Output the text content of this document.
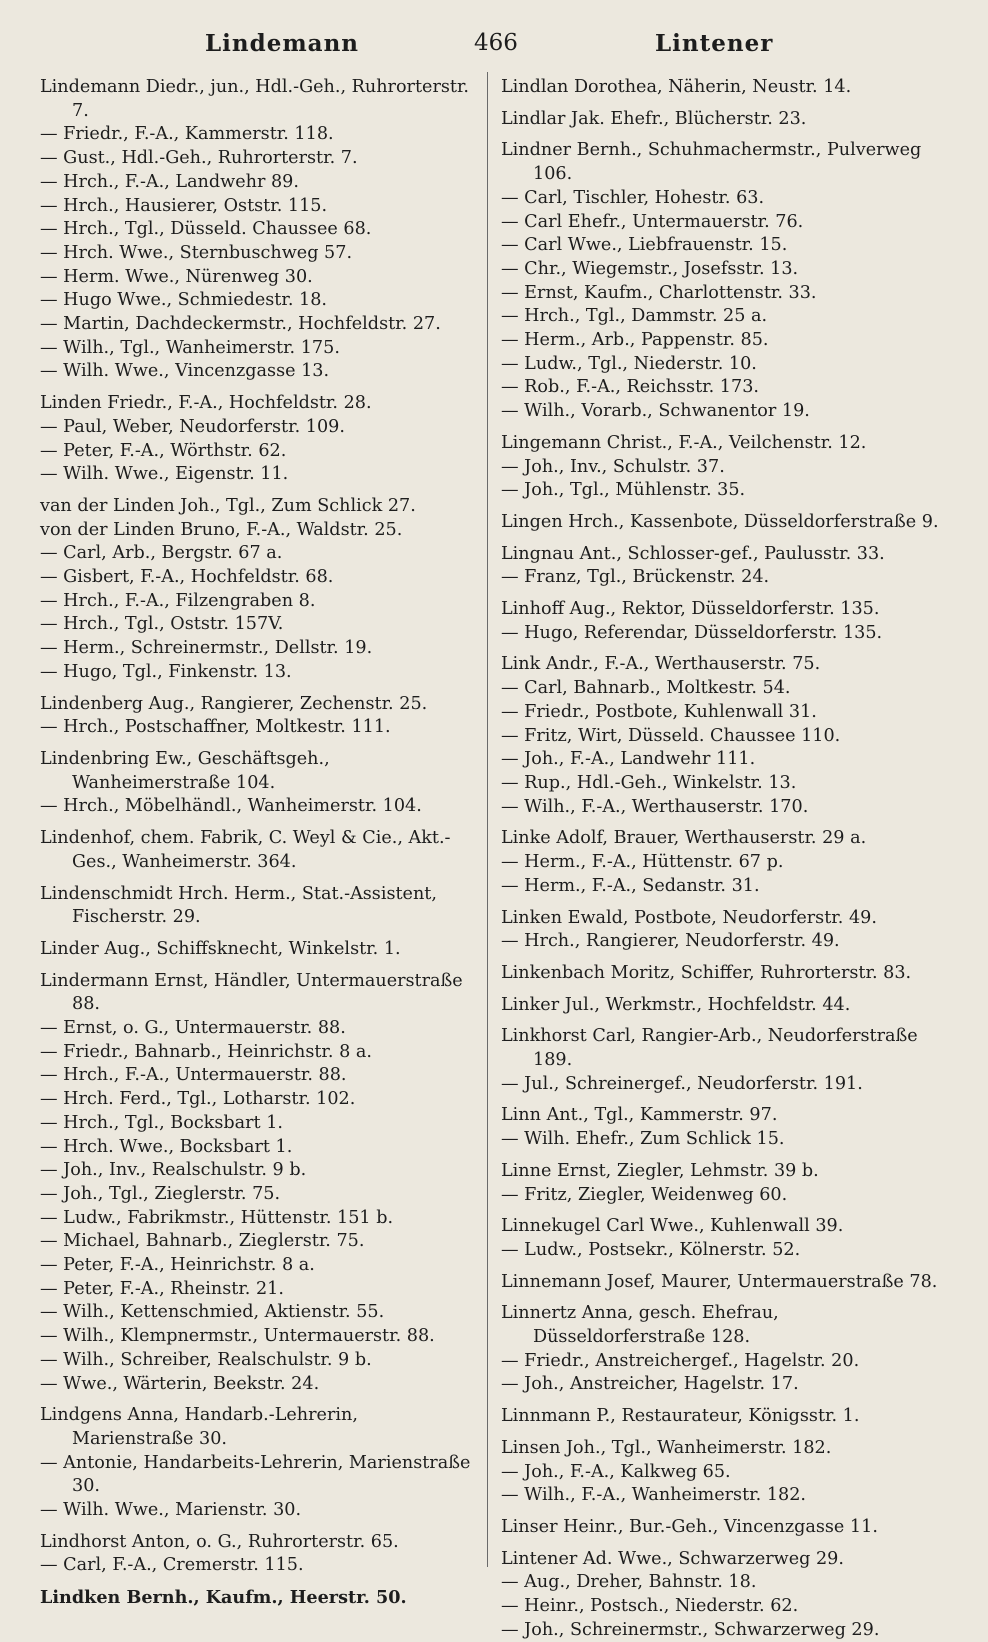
Lindemann	466	Lintener
Lindemann Diedr., jun., Hdl.-Geh., Ruhrorterstr. 7.
— Friedr., F.-A., Kammerstr. 118.
— Gust., Hdl.-Geh., Ruhrorterstr. 7.
— Hrch., F.-A., Landwehr 89.
— Hrch., Hausierer, Oststr. 115.
— Hrch., Tgl., Düsseld. Chaussee 68.
— Hrch. Wwe., Sternbuschweg 57.
— Herm. Wwe., Nürenweg 30.
— Hugo Wwe., Schmiedestr. 18.
— Martin, Dachdeckermstr., Hochfeldstr. 27.
— Wilh., Tgl., Wanheimerstr. 175.
— Wilh. Wwe., Vincenzgasse 13.
Linden Friedr., F.-A., Hochfeldstr. 28.
— Paul, Weber, Neudorferstr. 109.
— Peter, F.-A., Wörthstr. 62.
— Wilh. Wwe., Eigenstr. 11.
van der Linden Joh., Tgl., Zum Schlick 27.
von der Linden Bruno, F.-A., Waldstr. 25.
— Carl, Arb., Bergstr. 67 a.
— Gisbert, F.-A., Hochfeldstr. 68.
— Hrch., F.-A., Filzengraben 8.
— Hrch., Tgl., Oststr. 157V.
— Herm., Schreinermstr., Dellstr. 19.
— Hugo, Tgl., Finkenstr. 13.
Lindenberg Aug., Rangierer, Zechenstr. 25.
— Hrch., Postschaffner, Moltkestr. 111.
Lindenbring Ew., Geschäftsgeh., Wanheimerstraße 104.
— Hrch., Möbelhändl., Wanheimerstr. 104.
Lindenhof, chem. Fabrik, C. Weyl & Cie., Akt.-Ges., Wanheimerstr. 364.
Lindenschmidt Hrch. Herm., Stat.-Assistent, Fischerstr. 29.
Linder Aug., Schiffsknecht, Winkelstr. 1.
Lindermann Ernst, Händler, Untermauerstraße 88.
— Ernst, o. G., Untermauerstr. 88.
— Friedr., Bahnarb., Heinrichstr. 8 a.
— Hrch., F.-A., Untermauerstr. 88.
— Hrch. Ferd., Tgl., Lotharstr. 102.
— Hrch., Tgl., Bocksbart 1.
— Hrch. Wwe., Bocksbart 1.
— Joh., Inv., Realschulstr. 9 b.
— Joh., Tgl., Zieglerstr. 75.
— Ludw., Fabrikmstr., Hüttenstr. 151 b.
— Michael, Bahnarb., Zieglerstr. 75.
— Peter, F.-A., Heinrichstr. 8 a.
— Peter, F.-A., Rheinstr. 21.
— Wilh., Kettenschmied, Aktienstr. 55.
— Wilh., Klempnermstr., Untermauerstr. 88.
— Wilh., Schreiber, Realschulstr. 9 b.
— Wwe., Wärterin, Beekstr. 24.
Lindgens Anna, Handarb.-Lehrerin, Marienstraße 30.
— Antonie, Handarbeits-Lehrerin, Marienstraße 30.
— Wilh. Wwe., Marienstr. 30.
Lindhorst Anton, o. G., Ruhrorterstr. 65.
— Carl, F.-A., Cremerstr. 115.
Lindken Bernh., Kaufm., Heerstr. 50.
Lindlan Dorothea, Näherin, Neustr. 14.
Lindlar Jak. Ehefr., Blücherstr. 23.
Lindner Bernh., Schuhmachermstr., Pulverweg 106.
— Carl, Tischler, Hohestr. 63.
— Carl Ehefr., Untermauerstr. 76.
— Carl Wwe., Liebfrauenstr. 15.
— Chr., Wiegemstr., Josefsstr. 13.
— Ernst, Kaufm., Charlottenstr. 33.
— Hrch., Tgl., Dammstr. 25 a.
— Herm., Arb., Pappenstr. 85.
— Ludw., Tgl., Niederstr. 10.
— Rob., F.-A., Reichsstr. 173.
— Wilh., Vorarb., Schwanentor 19.
Lingemann Christ., F.-A., Veilchenstr. 12.
— Joh., Inv., Schulstr. 37.
— Joh., Tgl., Mühlenstr. 35.
Lingen Hrch., Kassenbote, Düsseldorferstraße 9.
Lingnau Ant., Schlosser-gef., Paulusstr. 33.
— Franz, Tgl., Brückenstr. 24.
Linhoff Aug., Rektor, Düsseldorferstr. 135.
— Hugo, Referendar, Düsseldorferstr. 135.
Link Andr., F.-A., Werthauserstr. 75.
— Carl, Bahnarb., Moltkestr. 54.
— Friedr., Postbote, Kuhlenwall 31.
— Fritz, Wirt, Düsseld. Chaussee 110.
— Joh., F.-A., Landwehr 111.
— Rup., Hdl.-Geh., Winkelstr. 13.
— Wilh., F.-A., Werthauserstr. 170.
Linke Adolf, Brauer, Werthauserstr. 29 a.
— Herm., F.-A., Hüttenstr. 67 p.
— Herm., F.-A., Sedanstr. 31.
Linken Ewald, Postbote, Neudorferstr. 49.
— Hrch., Rangierer, Neudorferstr. 49.
Linkenbach Moritz, Schiffer, Ruhrorterstr. 83.
Linker Jul., Werkmstr., Hochfeldstr. 44.
Linkhorst Carl, Rangier-Arb., Neudorferstraße 189.
— Jul., Schreinergef., Neudorferstr. 191.
Linn Ant., Tgl., Kammerstr. 97.
— Wilh. Ehefr., Zum Schlick 15.
Linne Ernst, Ziegler, Lehmstr. 39 b.
— Fritz, Ziegler, Weidenweg 60.
Linnekugel Carl Wwe., Kuhlenwall 39.
— Ludw., Postsekr., Kölnerstr. 52.
Linnemann Josef, Maurer, Untermauerstraße 78.
Linnertz Anna, gesch. Ehefrau, Düsseldorferstraße 128.
— Friedr., Anstreichergef., Hagelstr. 20.
— Joh., Anstreicher, Hagelstr. 17.
Linnmann P., Restaurateur, Königsstr. 1.
Linsen Joh., Tgl., Wanheimerstr. 182.
— Joh., F.-A., Kalkweg 65.
— Wilh., F.-A., Wanheimerstr. 182.
Linser Heinr., Bur.-Geh., Vincenzgasse 11.
Lintener Ad. Wwe., Schwarzerweg 29.
— Aug., Dreher, Bahnstr. 18.
— Heinr., Postsch., Niederstr. 62.
— Joh., Schreinermstr., Schwarzerweg 29.
